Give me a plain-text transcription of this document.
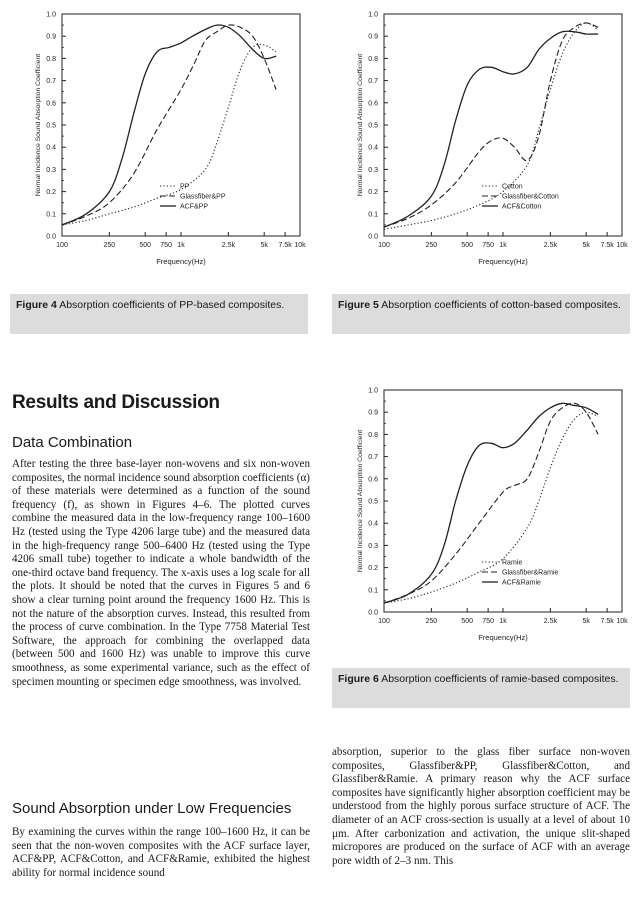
0.0
0.1
0.2
0.3
0.4
0.5
0.6
0.7
0.8
0.9
1.0
100	250	500 750 1k	2.5k	5k 7.5k 10k
Frequency(Hz)
Normal Incidence Sound Absorption Coefficient	PP
Glassfiber&PP
ACF&PP
Figure 4 Absorption coefficients of PP-based composites.
0.0
0.1
0.2
0.3
0.4
0.5
0.6
0.7
0.8
0.9
1.0
100	250	500 750 1k	2.5k	5k 7.5k 10k
Frequency(Hz)
Normal Incidence Sound Absorption Coefficient	Cotton
Glassfiber&Cotton
ACF&Cotton
Figure 5 Absorption coefficients of cotton-based composites.
0.0
0.1
0.2
0.3
0.4
0.5
0.6
0.7
0.8
0.9
1.0
100	250	500 750 1k	2.5k	5k 7.5k 10k
Frequency(Hz)
Normal Incidence Sound Absorption Coefficient	Ramie
Glassfiber&Ramie
ACF&Ramie
Figure 6 Absorption coefficients of ramie-based composites.
Results and Discussion
Data Combination

After testing the three base-layer non-wovens and six non-woven composites, the normal incidence sound absorption coefficients (α) of these materials were determined as a function of the sound frequency (f), as shown in Figures 4–6. The plotted curves combine the measured data in the low-frequency range 100–1600 Hz (tested using the Type 4206 large tube) and the measured data in the high-frequency range 500–6400 Hz (tested using the Type 4206 small tube) together to indicate a whole bandwidth of the one-third octave band frequency. The x-axis uses a log scale for all the plots. It should be noted that the curves in Figures 5 and 6 show a clear turning point around the frequency 1600 Hz. This is not the nature of the absorption curves. Instead, this resulted from the process of curve combination. In the Type 7758 Material Test Software, the approach for combining the overlapped data (between 500 and 1600 Hz) was unable to improve this curve smoothness, as some experimental variance, such as the effect of specimen mounting or specimen edge smoothness, was involved.

Sound Absorption under Low Frequencies

By examining the curves within the range 100–1600 Hz, it can be seen that the non-woven composites with the ACF surface layer, ACF&PP, ACF&Cotton, and ACF&Ramie, exhibited the highest ability for normal incidence sound

absorption, superior to the glass fiber surface non-woven composites, Glassfiber&PP, Glassfiber&Cotton, and Glassfiber&Ramie. A primary reason why the ACF surface composites have significantly higher absorption coefficient may be understood from the highly porous surface structure of ACF. The diameter of an ACF cross-section is usually at a level of about 10 μm. After carbonization and activation, the unique slit-shaped micropores are produced on the surface of ACF with an average pore width of 2–3 nm. This
